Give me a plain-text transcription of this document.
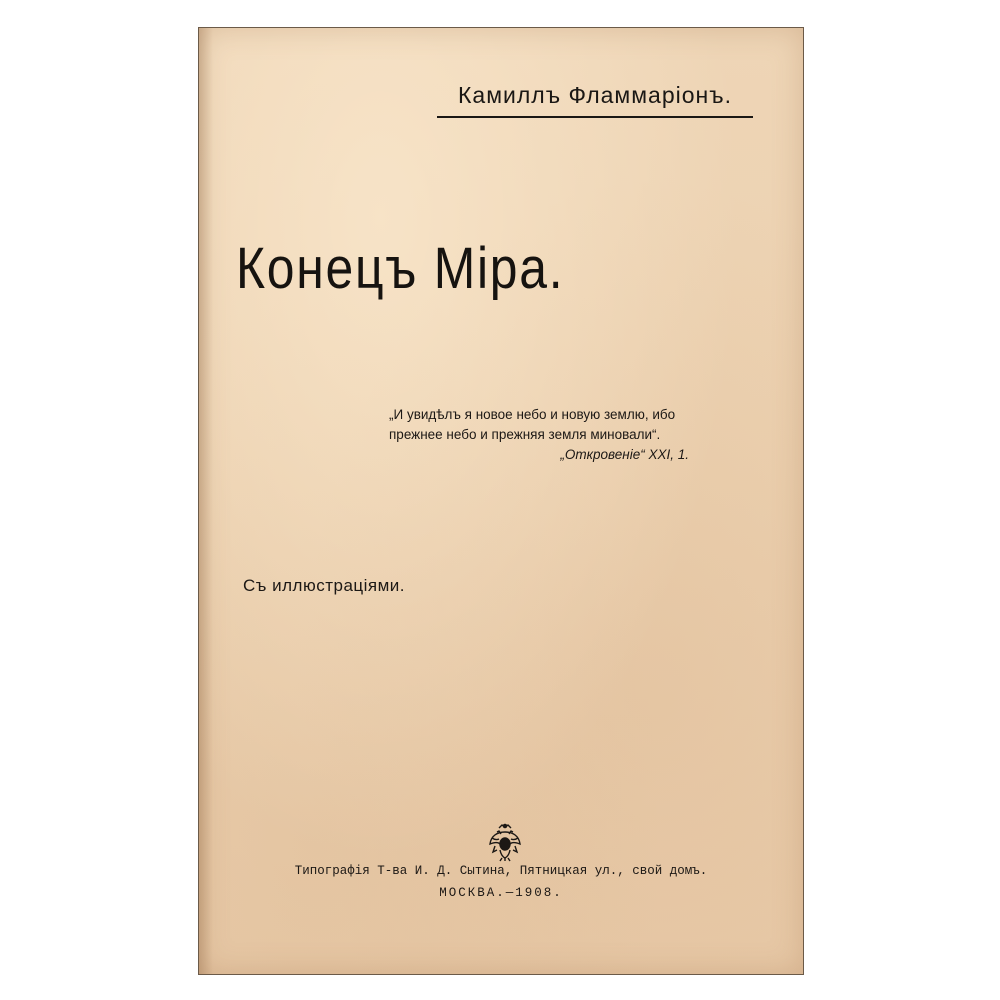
Камиллъ Фламмарiонъ.
Конецъ Мiра.
„И увидѣлъ я новое небо и новую землю, ибо
прежнее небо и прежняя земля миновали“.
„Откровенiе“ XXI, 1.
Съ иллюстрацiями.
Типографiя Т-ва И. Д. Сытина, Пятницкая ул., свой домъ.
МОСКВА.—1908.
